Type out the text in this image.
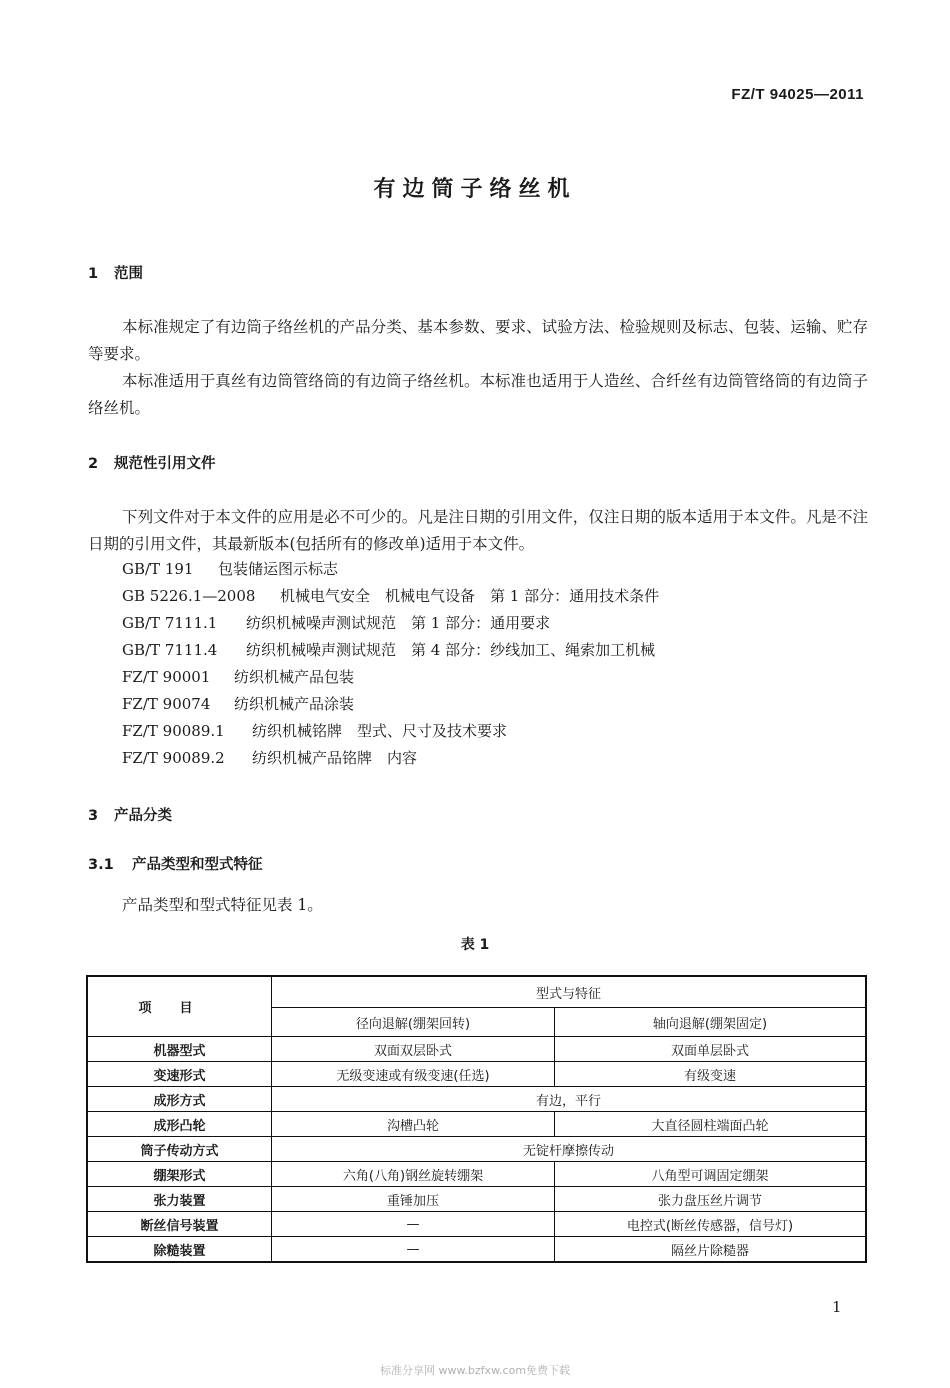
FZ/T 94025—2011
有边筒子络丝机
1 范围
本标准规定了有边筒子络丝机的产品分类、基本参数、要求、试验方法、检验规则及标志、包装、运输、贮存等要求。
本标准适用于真丝有边筒管络筒的有边筒子络丝机。本标准也适用于人造丝、合纤丝有边筒管络筒的有边筒子络丝机。
2 规范性引用文件
下列文件对于本文件的应用是必不可少的。凡是注日期的引用文件，仅注日期的版本适用于本文件。凡是不注日期的引用文件，其最新版本(包括所有的修改单)适用于本文件。
GB/T 191 包装储运图示标志
GB 5226.1—2008 机械电气安全　机械电气设备　第 1 部分：通用技术条件
GB/T 7111.1 纺织机械噪声测试规范　第 1 部分：通用要求
GB/T 7111.4 纺织机械噪声测试规范　第 4 部分：纱线加工、绳索加工机械
FZ/T 90001 纺织机械产品包装
FZ/T 90074 纺织机械产品涂装
FZ/T 90089.1 纺织机械铭牌　型式、尺寸及技术要求
FZ/T 90089.2 纺织机械产品铭牌　内容
3 产品分类
3.1 产品类型和型式特征
产品类型和型式特征见表 1。
表 1
项目	型式与特征	
	径向退解(绷架回转)	轴向退解(绷架固定)
机器型式	双面双层卧式	双面单层卧式
变速形式	无级变速或有级变速(任选)	有级变速
成形方式	有边，平行	
成形凸轮	沟槽凸轮	大直径圆柱端面凸轮
筒子传动方式	无锭杆摩擦传动	
绷架形式	六角(八角)钢丝旋转绷架	八角型可调固定绷架
张力装置	重锤加压	张力盘压丝片调节
断丝信号装置	—	电控式(断丝传感器，信号灯)
除糙装置	—	隔丝片除糙器
1
标准分享网 www.bzfxw.com免费下载
